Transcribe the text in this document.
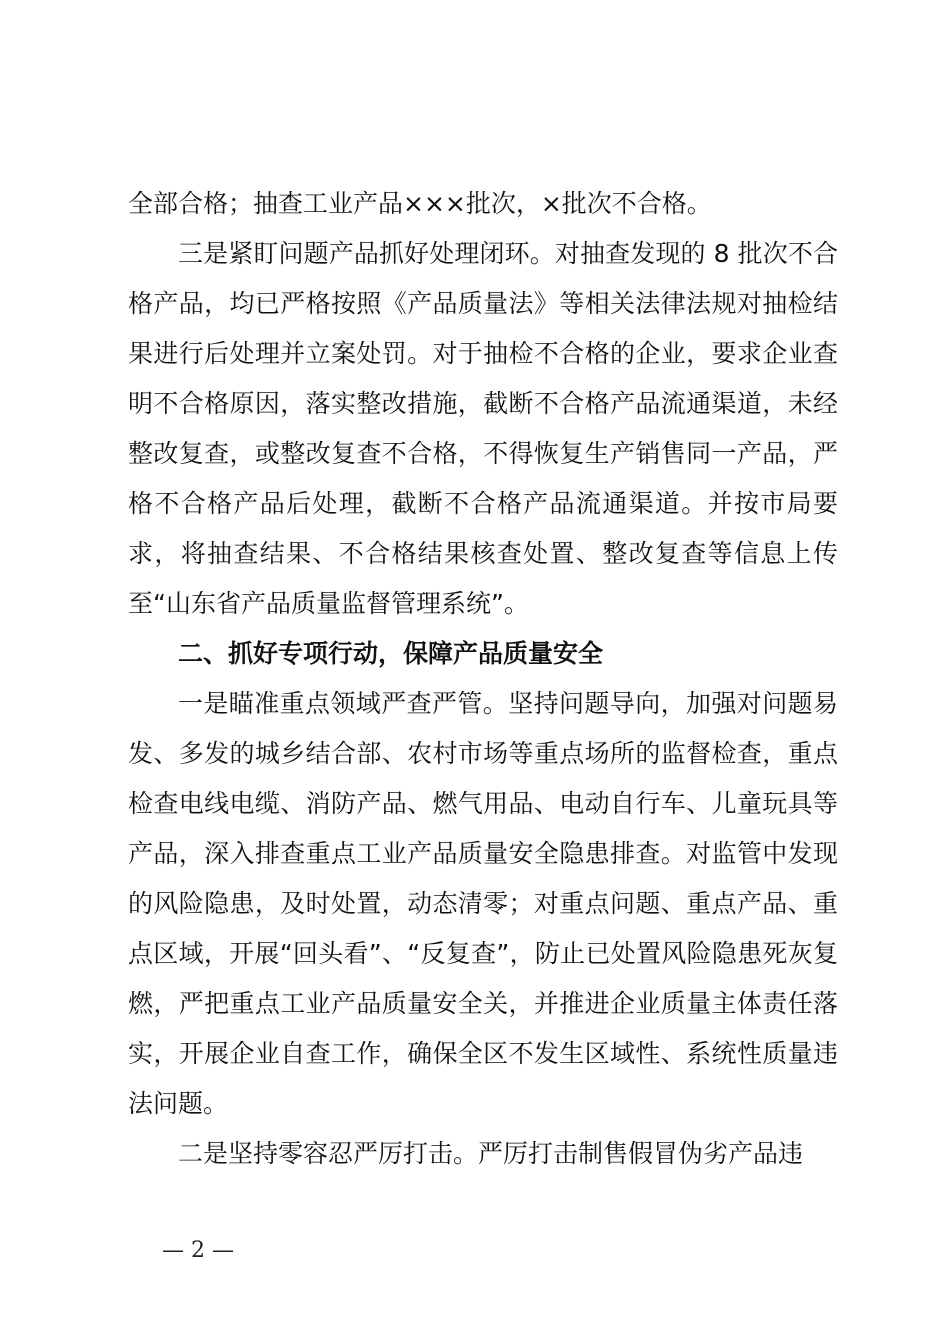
全部合格；抽查工业产品×××批次，×批次不合格。

三是紧盯问题产品抓好处理闭环。对抽查发现的 8 批次不合格产品，均已严格按照《产品质量法》等相关法律法规对抽检结果进行后处理并立案处罚。对于抽检不合格的企业，要求企业查明不合格原因，落实整改措施，截断不合格产品流通渠道，未经整改复查，或整改复查不合格，不得恢复生产销售同一产品，严格不合格产品后处理，截断不合格产品流通渠道。并按市局要求，将抽查结果、不合格结果核查处置、整改复查等信息上传至“山东省产品质量监督管理系统”。

二、抓好专项行动，保障产品质量安全

一是瞄准重点领域严查严管。坚持问题导向，加强对问题易发、多发的城乡结合部、农村市场等重点场所的监督检查，重点检查电线电缆、消防产品、燃气用品、电动自行车、儿童玩具等产品，深入排查重点工业产品质量安全隐患排查。对监管中发现的风险隐患，及时处置，动态清零；对重点问题、重点产品、重点区域，开展“回头看”、“反复查”，防止已处置风险隐患死灰复燃，严把重点工业产品质量安全关，并推进企业质量主体责任落实，开展企业自查工作，确保全区不发生区域性、系统性质量违法问题。

二是坚持零容忍严厉打击。严厉打击制售假冒伪劣产品违

— 2 —
